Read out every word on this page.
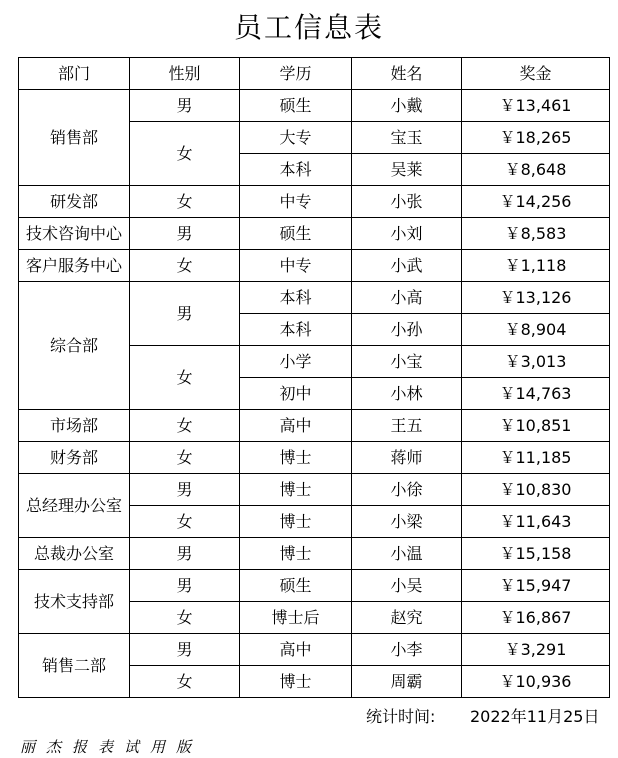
员工信息表
部门	性别	学历	姓名	奖金
销售部	男	硕生	小戴	￥13,461
	女	大专	宝玉	￥18,265
		本科	吴莱	￥8,648
研发部	女	中专	小张	￥14,256
技术咨询中心	男	硕生	小刘	￥8,583
客户服务中心	女	中专	小武	￥1,118
综合部	男	本科	小高	￥13,126
		本科	小孙	￥8,904
	女	小学	小宝	￥3,013
		初中	小林	￥14,763
市场部	女	高中	王五	￥10,851
财务部	女	博士	蒋师	￥11,185
总经理办公室	男	博士	小徐	￥10,830
	女	博士	小梁	￥11,643
总裁办公室	男	博士	小温	￥15,158
技术支持部	男	硕生	小吴	￥15,947
	女	博士后	赵究	￥16,867
销售二部	男	高中	小李	￥3,291
	女	博士	周霸	￥10,936
统计时间: 2022年11月25日
丽杰报表试用版
